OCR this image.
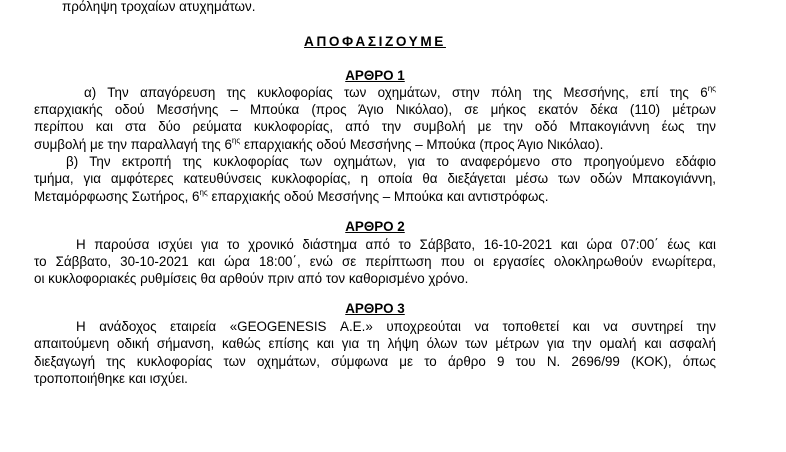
πρόληψη τροχαίων ατυχημάτων.
ΑΠΟΦΑΣΙΖΟΥΜΕ
ΑΡΘΡΟ 1
α) Την απαγόρευση της κυκλοφορίας των οχημάτων, στην πόλη της Μεσσήνης, επί της $6^{\eta\varsigma}$
επαρχιακής οδού Μεσσήνης – Μπούκα (προς Άγιο Νικόλαο), σε μήκος εκατόν δέκα (110) μέτρων
περίπου και στα δύο ρεύματα κυκλοφορίας, από την συμβολή με την οδό Μπακογιάννη έως την
συμβολή με την παραλλαγή της $6^{\eta\varsigma}$ επαρχιακής οδού Μεσσήνης – Μπούκα (προς Άγιο Νικόλαο).
β) Την εκτροπή της κυκλοφορίας των οχημάτων, για το αναφερόμενο στο προηγούμενο εδάφιο
τμήμα, για αμφότερες κατευθύνσεις κυκλοφορίας, η οποία θα διεξάγεται μέσω των οδών Μπακογιάννη,
Μεταμόρφωσης Σωτήρος, $6^{\eta\varsigma}$ επαρχιακής οδού Μεσσήνης – Μπούκα και αντιστρόφως.
ΑΡΘΡΟ 2
Η παρούσα ισχύει για το χρονικό διάστημα από το Σάββατο, 16-10-2021 και ώρα 07:00΄ έως και
το Σάββατο, 30-10-2021 και ώρα 18:00΄, ενώ σε περίπτωση που οι εργασίες ολοκληρωθούν ενωρίτερα,
οι κυκλοφοριακές ρυθμίσεις θα αρθούν πριν από τον καθορισμένο χρόνο.
ΑΡΘΡΟ 3
Η ανάδοχος εταιρεία «GEOGENESIS Α.Ε.» υποχρεούται να τοποθετεί και να συντηρεί την
απαιτούμενη οδική σήμανση, καθώς επίσης και για τη λήψη όλων των μέτρων για την ομαλή και ασφαλή
διεξαγωγή της κυκλοφορίας των οχημάτων, σύμφωνα με το άρθρο 9 του Ν. 2696/99 (ΚΟΚ), όπως
τροποποιήθηκε και ισχύει.
